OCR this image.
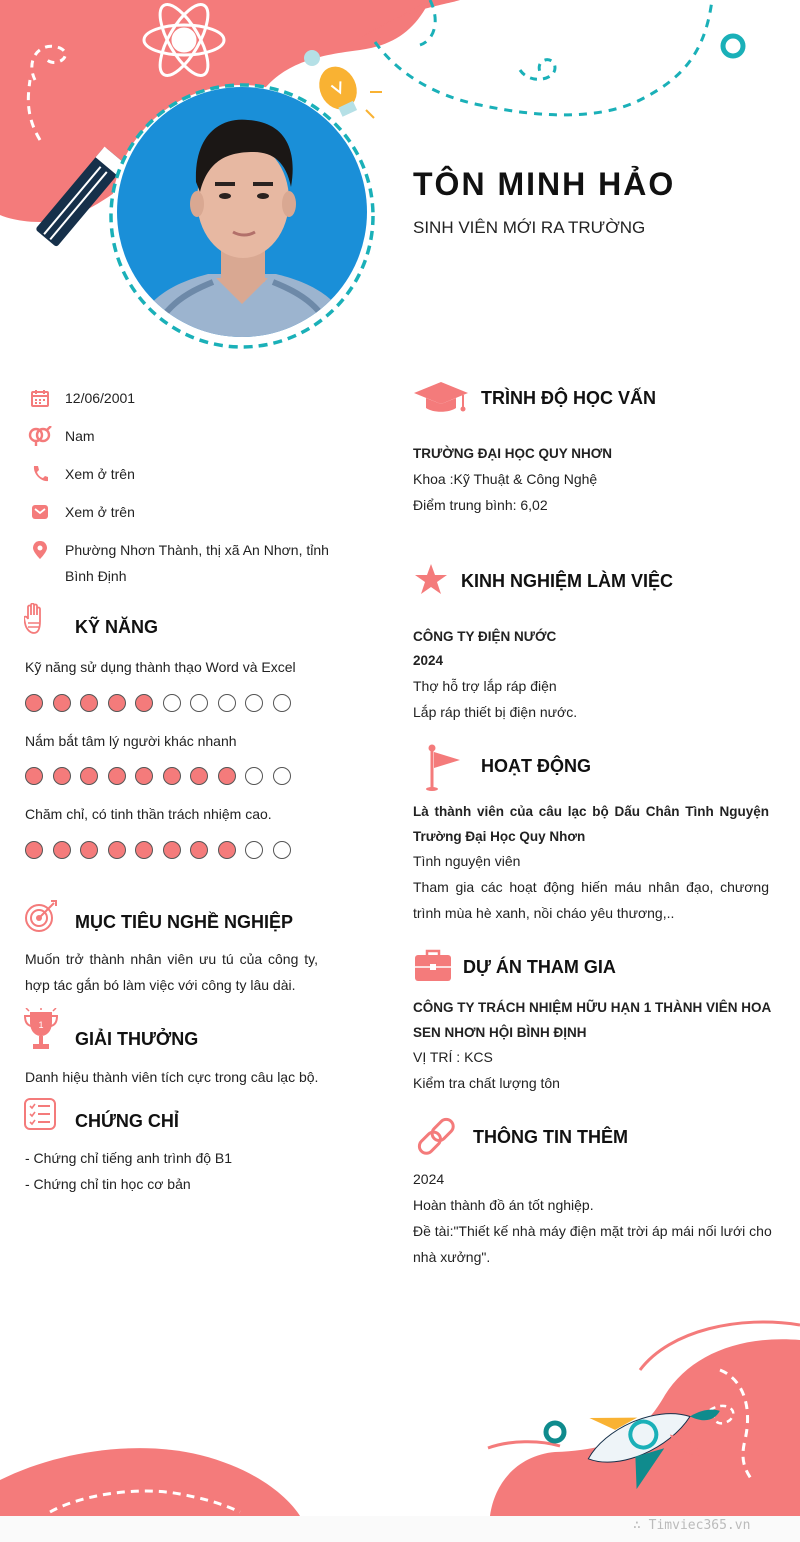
TÔN MINH HẢO
SINH VIÊN MỚI RA TRƯỜNG
12/06/2001
Nam
Xem ở trên
Xem ở trên
Phường Nhơn Thành, thị xã An Nhơn, tỉnh Bình Định
KỸ NĂNG
Kỹ năng sử dụng thành thạo Word và Excel
Nắm bắt tâm lý người khác nhanh
Chăm chỉ, có tinh thần trách nhiệm cao.
MỤC TIÊU NGHỀ NGHIỆP
Muốn trở thành nhân viên ưu tú của công ty, hợp tác gắn bó làm việc với công ty lâu dài.
1
GIẢI THƯỞNG
Danh hiệu thành viên tích cực trong câu lạc bộ.
CHỨNG CHỈ
- Chứng chỉ tiếng anh trình độ B1
- Chứng chỉ tin học cơ bản
TRÌNH ĐỘ HỌC VẤN
TRƯỜNG ĐẠI HỌC QUY NHƠN
Khoa :Kỹ Thuật & Công Nghệ
Điểm trung bình: 6,02
KINH NGHIỆM LÀM VIỆC
CÔNG TY ĐIỆN NƯỚC
2024
Thợ hỗ trợ lắp ráp điện
Lắp ráp thiết bị điện nước.
HOẠT ĐỘNG
Là thành viên của câu lạc bộ Dấu Chân Tình Nguyện Trường Đại Học Quy Nhơn
Tình nguyện viên
Tham gia các hoạt động hiến máu nhân đạo, chương trình mùa hè xanh, nồi cháo yêu thương,..
DỰ ÁN THAM GIA
CÔNG TY TRÁCH NHIỆM HỮU HẠN 1 THÀNH VIÊN HOA SEN NHƠN HỘI BÌNH ĐỊNH
VỊ TRÍ : KCS
Kiểm tra chất lượng tôn
THÔNG TIN THÊM
2024
Hoàn thành đồ án tốt nghiệp.
Đề tài:"Thiết kế nhà máy điện mặt trời áp mái nối lưới cho nhà xưởng".
∴ Timviec365.vn
